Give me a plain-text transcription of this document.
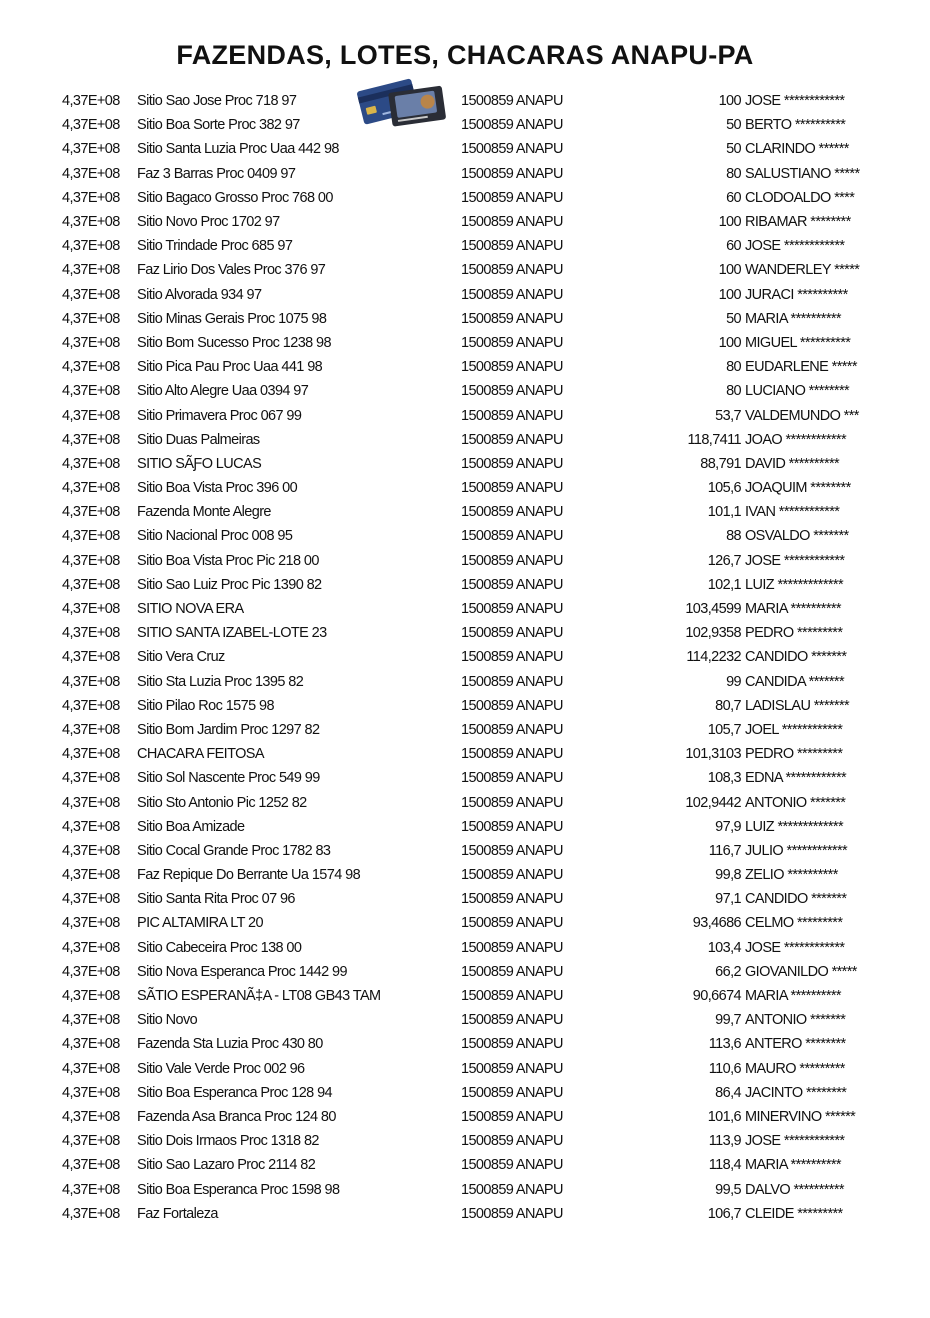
FAZENDAS, LOTES, CHACARAS ANAPU-PA
4,37E+08	Sitio Sao Jose Proc 718 97	1500859 ANAPU	100	JOSE ************
4,37E+08	Sitio Boa Sorte Proc 382 97	1500859 ANAPU	50	BERTO **********
4,37E+08	Sitio Santa Luzia Proc Uaa 442 98	1500859 ANAPU	50	CLARINDO ******
4,37E+08	Faz 3 Barras Proc 0409 97	1500859 ANAPU	80	SALUSTIANO *****
4,37E+08	Sitio Bagaco Grosso Proc 768 00	1500859 ANAPU	60	CLODOALDO ****
4,37E+08	Sitio Novo Proc 1702 97	1500859 ANAPU	100	RIBAMAR ********
4,37E+08	Sitio Trindade Proc 685 97	1500859 ANAPU	60	JOSE ************
4,37E+08	Faz Lirio Dos Vales Proc 376 97	1500859 ANAPU	100	WANDERLEY *****
4,37E+08	Sitio Alvorada 934 97	1500859 ANAPU	100	JURACI **********
4,37E+08	Sitio Minas Gerais Proc 1075 98	1500859 ANAPU	50	MARIA **********
4,37E+08	Sitio Bom Sucesso Proc 1238 98	1500859 ANAPU	100	MIGUEL **********
4,37E+08	Sitio Pica Pau Proc Uaa 441 98	1500859 ANAPU	80	EUDARLENE *****
4,37E+08	Sitio Alto Alegre Uaa 0394 97	1500859 ANAPU	80	LUCIANO ********
4,37E+08	Sitio Primavera Proc 067 99	1500859 ANAPU	53,7	VALDEMUNDO ***
4,37E+08	Sitio Duas Palmeiras	1500859 ANAPU	118,7411	JOAO ************
4,37E+08	SITIO SÃƑO LUCAS	1500859 ANAPU	88,791	DAVID **********
4,37E+08	Sitio Boa Vista Proc 396 00	1500859 ANAPU	105,6	JOAQUIM ********
4,37E+08	Fazenda Monte Alegre	1500859 ANAPU	101,1	IVAN ************
4,37E+08	Sitio Nacional Proc 008 95	1500859 ANAPU	88	OSVALDO *******
4,37E+08	Sitio Boa Vista Proc Pic 218 00	1500859 ANAPU	126,7	JOSE ************
4,37E+08	Sitio Sao Luiz Proc Pic 1390 82	1500859 ANAPU	102,1	LUIZ *************
4,37E+08	SITIO NOVA ERA	1500859 ANAPU	103,4599	MARIA **********
4,37E+08	SITIO SANTA IZABEL-LOTE 23	1500859 ANAPU	102,9358	PEDRO *********
4,37E+08	Sitio Vera Cruz	1500859 ANAPU	114,2232	CANDIDO *******
4,37E+08	Sitio Sta Luzia Proc 1395 82	1500859 ANAPU	99	CANDIDA *******
4,37E+08	Sitio Pilao Roc 1575 98	1500859 ANAPU	80,7	LADISLAU *******
4,37E+08	Sitio Bom Jardim Proc 1297 82	1500859 ANAPU	105,7	JOEL ************
4,37E+08	CHACARA FEITOSA	1500859 ANAPU	101,3103	PEDRO *********
4,37E+08	Sitio Sol Nascente Proc 549 99	1500859 ANAPU	108,3	EDNA ************
4,37E+08	Sitio Sto Antonio Pic 1252 82	1500859 ANAPU	102,9442	ANTONIO *******
4,37E+08	Sitio Boa Amizade	1500859 ANAPU	97,9	LUIZ *************
4,37E+08	Sitio Cocal Grande Proc 1782 83	1500859 ANAPU	116,7	JULIO ************
4,37E+08	Faz Repique Do Berrante Ua 1574 98	1500859 ANAPU	99,8	ZELIO **********
4,37E+08	Sitio Santa Rita Proc 07 96	1500859 ANAPU	97,1	CANDIDO *******
4,37E+08	PIC ALTAMIRA LT 20	1500859 ANAPU	93,4686	CELMO *********
4,37E+08	Sitio Cabeceira Proc 138 00	1500859 ANAPU	103,4	JOSE ************
4,37E+08	Sitio Nova Esperanca Proc 1442 99	1500859 ANAPU	66,2	GIOVANILDO *****
4,37E+08	SÃTIO ESPERANÃ‡A - LT08 GB43 TAM	1500859 ANAPU	90,6674	MARIA **********
4,37E+08	Sitio Novo	1500859 ANAPU	99,7	ANTONIO *******
4,37E+08	Fazenda Sta Luzia Proc 430 80	1500859 ANAPU	113,6	ANTERO ********
4,37E+08	Sitio Vale Verde Proc 002 96	1500859 ANAPU	110,6	MAURO *********
4,37E+08	Sitio Boa Esperanca Proc 128 94	1500859 ANAPU	86,4	JACINTO ********
4,37E+08	Fazenda Asa Branca Proc 124 80	1500859 ANAPU	101,6	MINERVINO ******
4,37E+08	Sitio Dois Irmaos Proc 1318 82	1500859 ANAPU	113,9	JOSE ************
4,37E+08	Sitio Sao Lazaro Proc 2114 82	1500859 ANAPU	118,4	MARIA **********
4,37E+08	Sitio Boa Esperanca Proc 1598 98	1500859 ANAPU	99,5	DALVO **********
4,37E+08	Faz Fortaleza	1500859 ANAPU	106,7	CLEIDE *********
